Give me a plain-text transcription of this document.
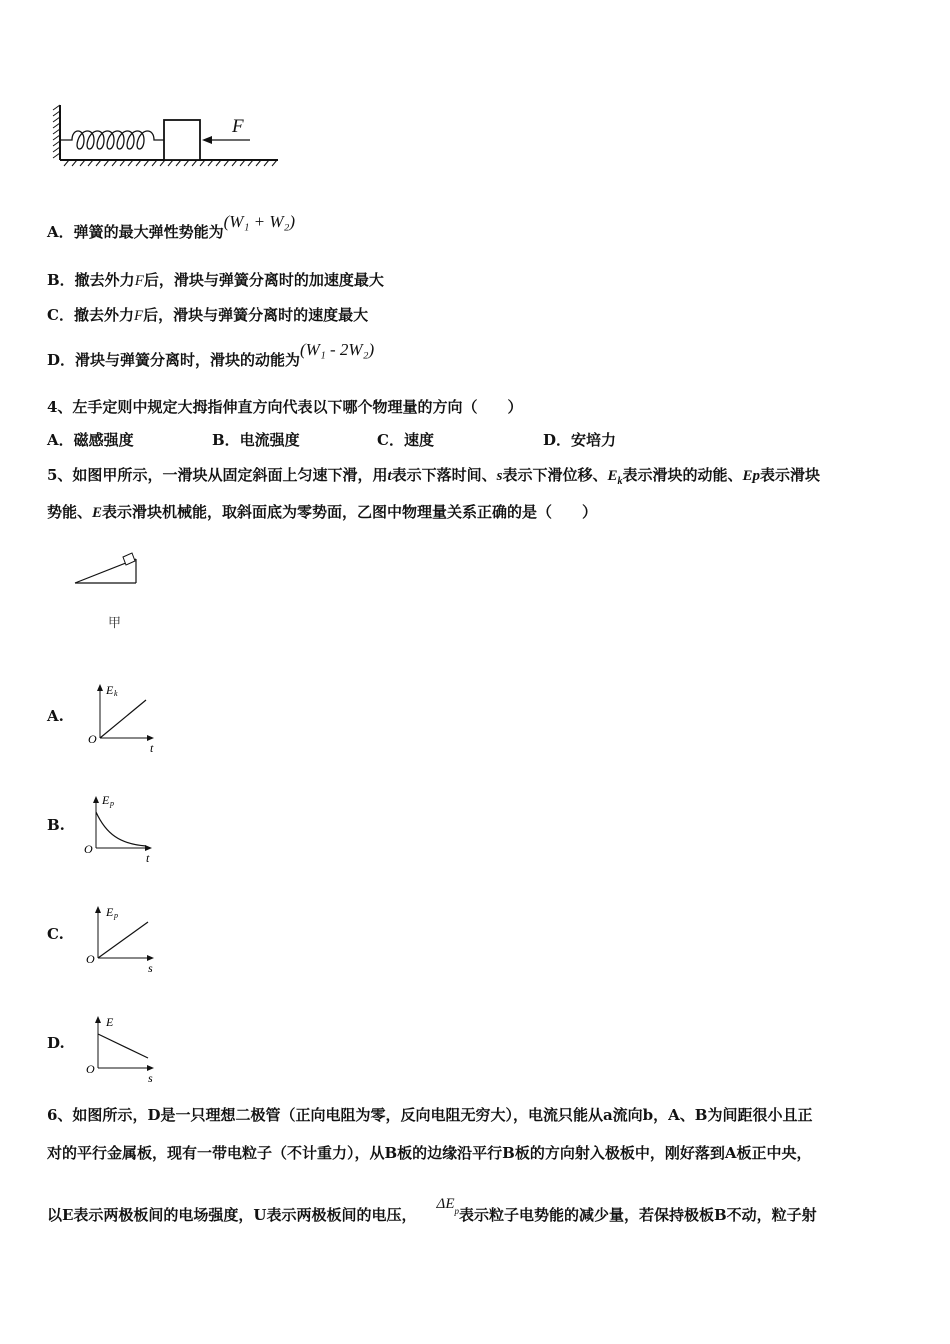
F
A．弹簧的最大弹性势能为(W₁ + W₂)
B．撤去外力F后，滑块与弹簧分离时的加速度最大
C．撤去外力F后，滑块与弹簧分离时的速度最大
D．滑块与弹簧分离时，滑块的动能为(W₁ - 2W₂)
4、左手定则中规定大拇指伸直方向代表以下哪个物理量的方向（　　）
A．磁感强度	B．电流强度	C．速度	D．安培力
5、如图甲所示，一滑块从固定斜面上匀速下滑，用t表示下落时间、s表示下滑位移、$E_k$表示滑块的动能、Ep表示滑块
势能、E表示滑块机械能，取斜面底为零势面，乙图中物理量关系正确的是（　　）
甲
A.
B.
C.
D.
E k
O
t
E p
O
t
E p
O
s
E
O
s
6、如图所示，D是一只理想二极管（正向电阻为零，反向电阻无穷大），电流只能从a流向b，A、B为间距很小且正
对的平行金属板，现有一带电粒子（不计重力），从B板的边缘沿平行B板的方向射入极板中，刚好落到A板正中央，
以E表示两极板间的电场强度，U表示两极板间的电压，$\Delta E_p$表示粒子电势能的减少量，若保持极板B不动，粒子射
